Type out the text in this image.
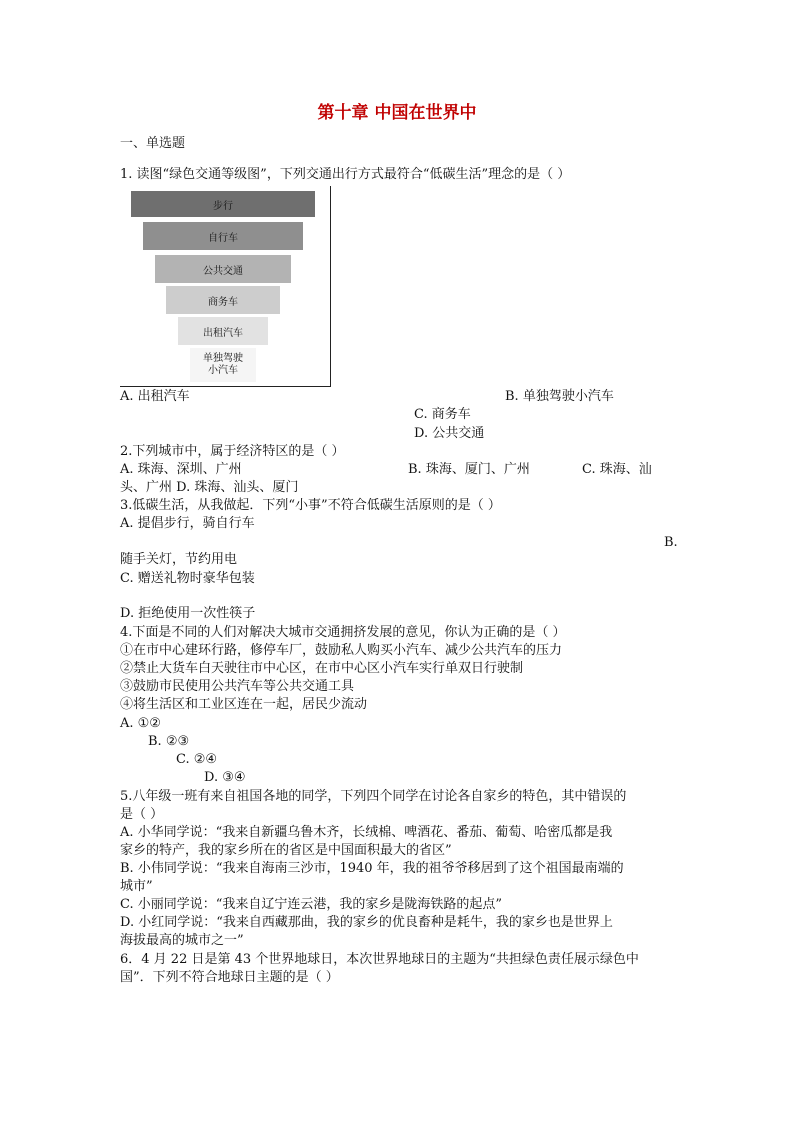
第十章 中国在世界中
一、单选题
1. 读图“绿色交通等级图”，下列交通出行方式最符合“低碳生活”理念的是（ ）
步行
自行车
公共交通
商务车
出租汽车
单独驾驶
小汽车
A. 出租汽车	B. 单独驾驶小汽车
C. 商务车
D. 公共交通
2.下列城市中，属于经济特区的是（ ）
A. 珠海、深圳、广州	B. 珠海、厦门、广州	C. 珠海、汕
头、广州 D. 珠海、汕头、厦门
3.低碳生活，从我做起．下列“小事”不符合低碳生活原则的是（ ）
A. 提倡步行，骑自行车
B.
随手关灯，节约用电
C. 赠送礼物时豪华包装
D. 拒绝使用一次性筷子
4.下面是不同的人们对解决大城市交通拥挤发展的意见，你认为正确的是（ ）
①在市中心建环行路，修停车厂，鼓励私人购买小汽车、减少公共汽车的压力
②禁止大货车白天驶往市中心区，在市中心区小汽车实行单双日行驶制
③鼓励市民使用公共汽车等公共交通工具
④将生活区和工业区连在一起，居民少流动
A. ①②
B. ②③
C. ②④
D. ③④
5.八年级一班有来自祖国各地的同学，下列四个同学在讨论各自家乡的特色，其中错误的
是（ ）
A. 小华同学说：“我来自新疆乌鲁木齐，长绒棉、啤酒花、番茄、葡萄、哈密瓜都是我
家乡的特产，我的家乡所在的省区是中国面积最大的省区”
B. 小伟同学说：“我来自海南三沙市，1940 年，我的祖爷爷移居到了这个祖国最南端的
城市”
C. 小丽同学说：“我来自辽宁连云港，我的家乡是陇海铁路的起点”
D. 小红同学说：“我来自西藏那曲，我的家乡的优良畜种是耗牛，我的家乡也是世界上
海拔最高的城市之一”
6．4 月 22 日是第 43 个世界地球日，本次世界地球日的主题为“共担绿色责任展示绿色中
国”．下列不符合地球日主题的是（ ）
